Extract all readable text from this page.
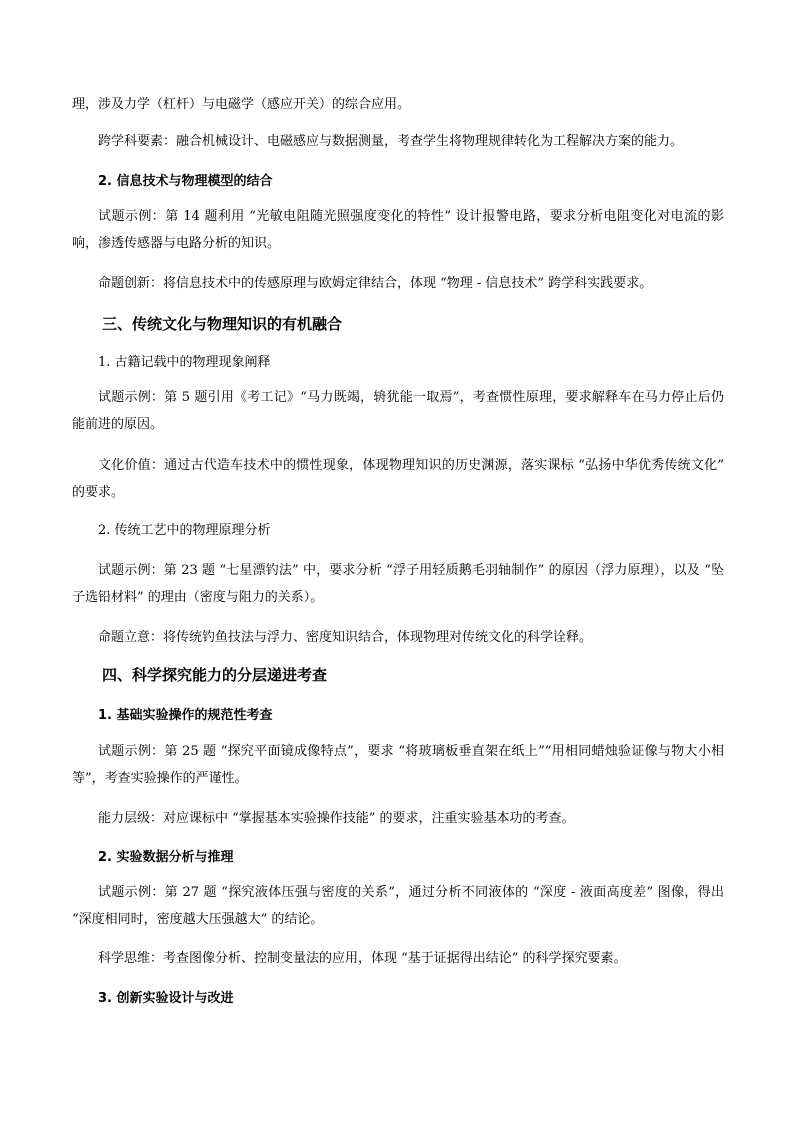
理，涉及力学（杠杆）与电磁学（感应开关）的综合应用。

跨学科要素：融合机械设计、电磁感应与数据测量，考查学生将物理规律转化为工程解决方案的能力。

2. 信息技术与物理模型的结合

试题示例：第 14 题利用 “光敏电阻随光照强度变化的特性” 设计报警电路，要求分析电阻变化对电流的影响，渗透传感器与电路分析的知识。

命题创新：将信息技术中的传感原理与欧姆定律结合，体现 “物理 - 信息技术” 跨学科实践要求。

三、传统文化与物理知识的有机融合

1. 古籍记载中的物理现象阐释

试题示例：第 5 题引用《考工记》“马力既竭，辀犹能一取焉”，考查惯性原理，要求解释车在马力停止后仍能前进的原因。

文化价值：通过古代造车技术中的惯性现象，体现物理知识的历史渊源，落实课标 “弘扬中华优秀传统文化” 的要求。

2. 传统工艺中的物理原理分析

试题示例：第 23 题 “七星漂钓法” 中，要求分析 “浮子用轻质鹅毛羽轴制作” 的原因（浮力原理），以及 “坠子选铅材料” 的理由（密度与阻力的关系）。

命题立意：将传统钓鱼技法与浮力、密度知识结合，体现物理对传统文化的科学诠释。

四、科学探究能力的分层递进考查

1. 基础实验操作的规范性考查

试题示例：第 25 题 “探究平面镜成像特点”，要求 “将玻璃板垂直架在纸上”“用相同蜡烛验证像与物大小相等”，考查实验操作的严谨性。

能力层级：对应课标中 “掌握基本实验操作技能” 的要求，注重实验基本功的考查。

2. 实验数据分析与推理

试题示例：第 27 题 “探究液体压强与密度的关系”，通过分析不同液体的 “深度 - 液面高度差” 图像，得出 “深度相同时，密度越大压强越大” 的结论。

科学思维：考查图像分析、控制变量法的应用，体现 “基于证据得出结论” 的科学探究要素。

3. 创新实验设计与改进
